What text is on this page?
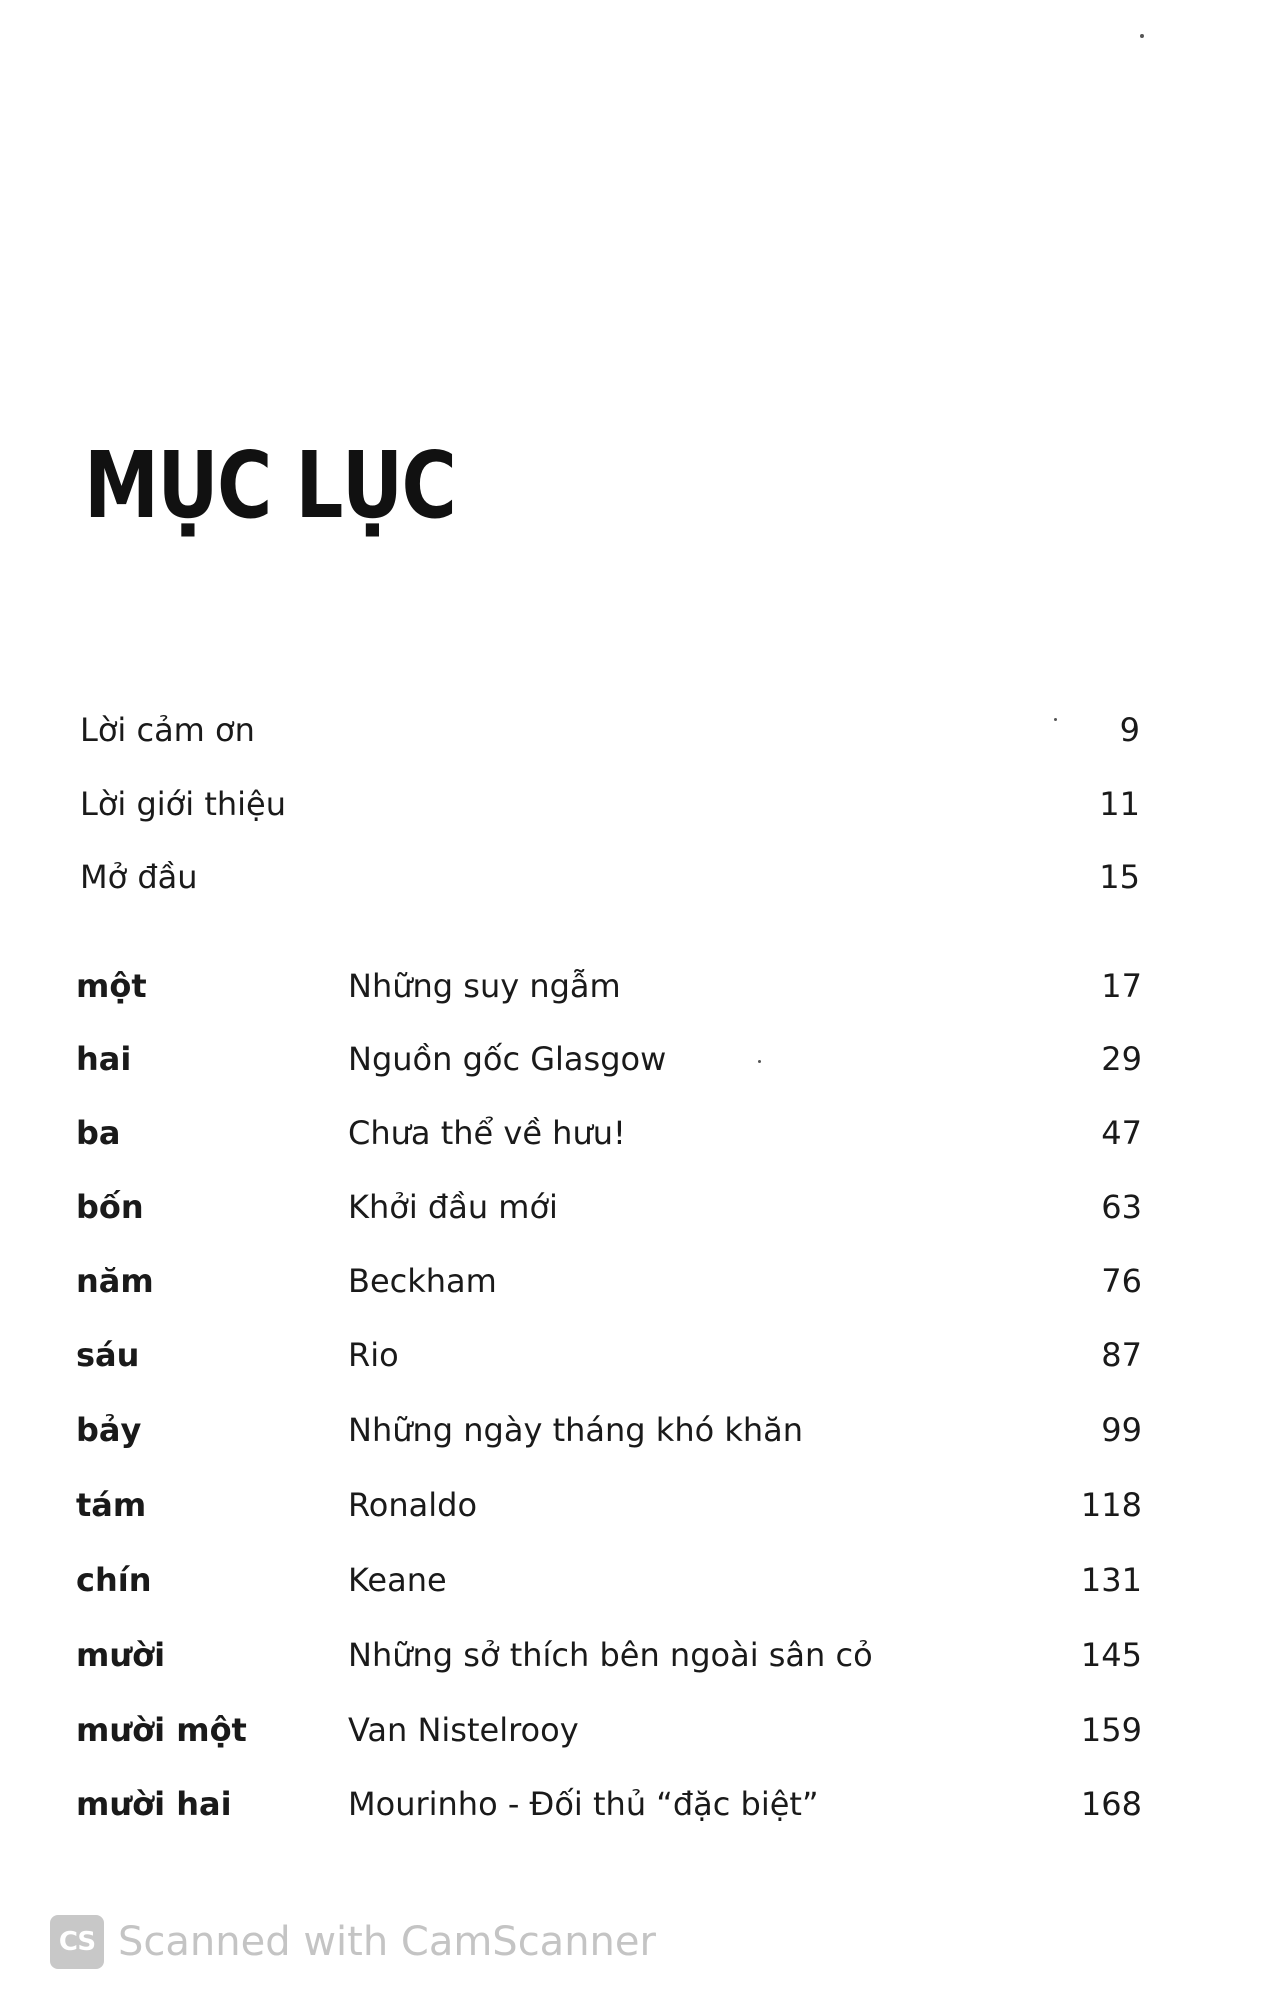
MỤC LỤC
Lời cảm ơn	9
Lời giới thiệu	11
Mở đầu	15
một	Những suy ngẫm	17
hai	Nguồn gốc Glasgow	29
ba	Chưa thể về hưu!	47
bốn	Khởi đầu mới	63
năm	Beckham	76
sáu	Rio	87
bảy	Những ngày tháng khó khăn	99
tám	Ronaldo	118
chín	Keane	131
mười	Những sở thích bên ngoài sân cỏ	145
mười một	Van Nistelrooy	159
mười hai	Mourinho - Đối thủ “đặc biệt”	168
CS Scanned with CamScanner
